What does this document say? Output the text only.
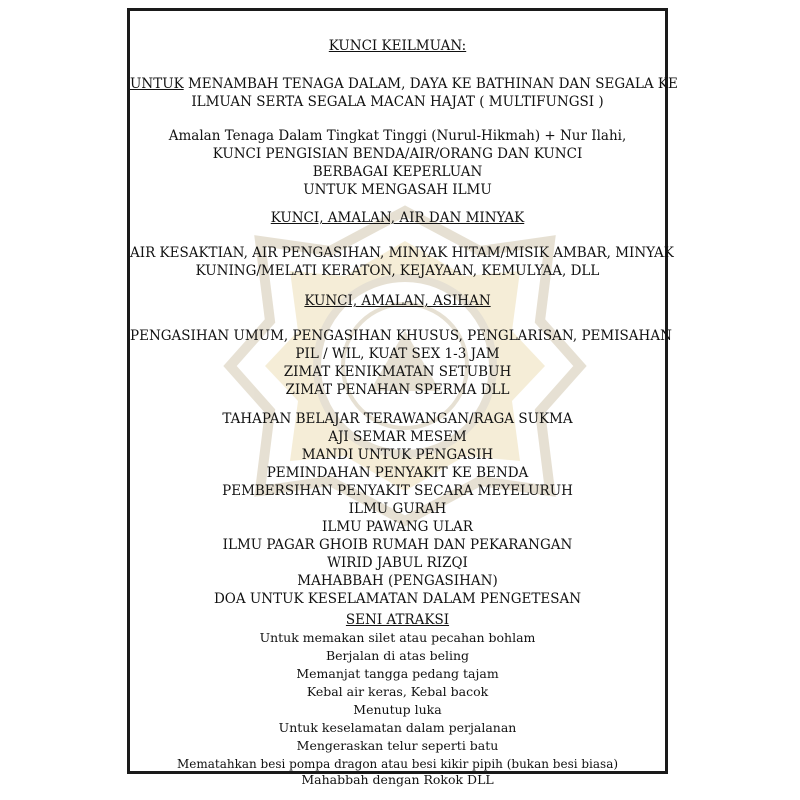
KUNCI KEILMUAN:
UNTUK MENAMBAH TENAGA DALAM, DAYA KE BATHINAN DAN SEGALA KE
ILMUAN SERTA SEGALA MACAN HAJAT ( MULTIFUNGSI )
Amalan Tenaga Dalam Tingkat Tinggi (Nurul-Hikmah) + Nur Ilahi,
KUNCI PENGISIAN BENDA/AIR/ORANG DAN KUNCI
BERBAGAI KEPERLUAN
UNTUK MENGASAH ILMU
KUNCI, AMALAN, AIR DAN MINYAK
AIR KESAKTIAN, AIR PENGASIHAN, MINYAK HITAM/MISIK AMBAR, MINYAK
KUNING/MELATI KERATON, KEJAYAAN, KEMULYAA, DLL
KUNCI, AMALAN, ASIHAN
PENGASIHAN UMUM, PENGASIHAN KHUSUS, PENGLARISAN, PEMISAHAN
PIL / WIL, KUAT SEX 1-3 JAM
ZIMAT KENIKMATAN SETUBUH
ZIMAT PENAHAN SPERMA DLL
TAHAPAN BELAJAR TERAWANGAN/RAGA SUKMA
AJI SEMAR MESEM
MANDI UNTUK PENGASIH
PEMINDAHAN PENYAKIT KE BENDA
PEMBERSIHAN PENYAKIT SECARA MEYELURUH
ILMU GURAH
ILMU PAWANG ULAR
ILMU PAGAR GHOIB RUMAH DAN PEKARANGAN
WIRID JABUL RIZQI
MAHABBAH (PENGASIHAN)
DOA UNTUK KESELAMATAN DALAM PENGETESAN
SENI ATRAKSI
Untuk memakan silet atau pecahan bohlam
Berjalan di atas beling
Memanjat tangga pedang tajam
Kebal air keras, Kebal bacok
Menutup luka
Untuk keselamatan dalam perjalanan
Mengeraskan telur seperti batu
Mematahkan besi pompa dragon atau besi kikir pipih (bukan besi biasa)
Mahabbah dengan Rokok DLL
